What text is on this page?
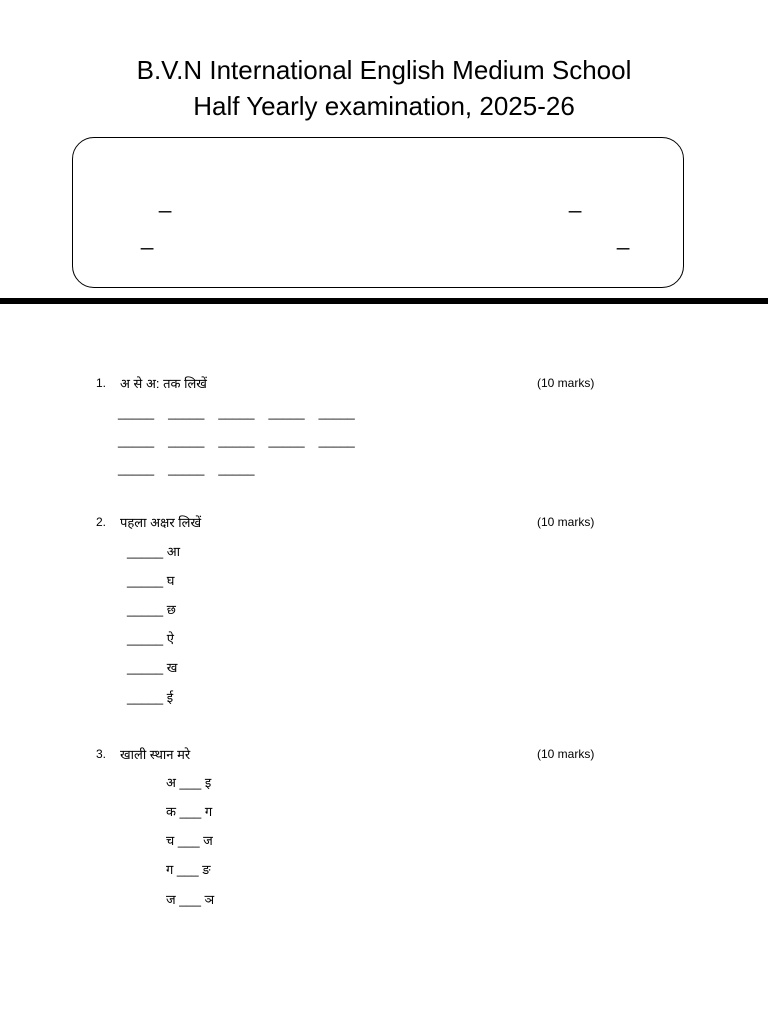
B.V.N International English Medium School
Half Yearly examination, 2025-26
_	_
_	_
1. अ से अ: तक लिखें	(10 marks)
_____ _____ _____ _____ _____
_____ _____ _____ _____ _____
_____ _____ _____
2. पहला अक्षर लिखें	(10 marks)
_____ आ
_____ घ
_____ छ
_____ ऐ
_____ ख
_____ ई
3. खाली स्थान मरे	(10 marks)
अ ___ इ
क ___ ग
च ___ ज
ग ___ ङ
ज ___ ञ
